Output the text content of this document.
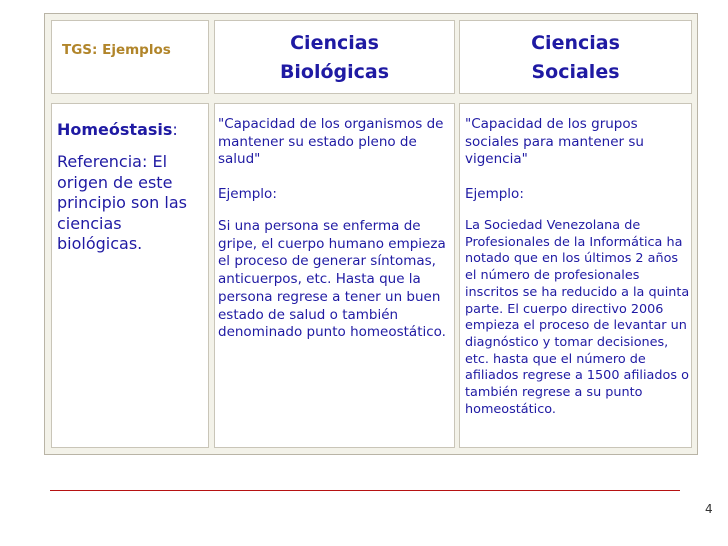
TGS: Ejemplos	Ciencias
Biológicas
Ciencias
Sociales
Homeóstasis:
Referencia: El origen de este principio son las ciencias biológicas.
"Capacidad de los organismos de mantener su estado pleno de salud"
Ejemplo:
Si una persona se enferma de gripe, el cuerpo humano empieza el proceso de generar síntomas, anticuerpos, etc. Hasta que la persona regrese a tener un buen estado de salud o también denominado punto homeostático.
"Capacidad de los grupos sociales para mantener su vigencia"
Ejemplo:
La Sociedad Venezolana de Profesionales de la Informática ha notado que en los últimos 2 años el número de profesionales inscritos se ha reducido a la quinta parte. El cuerpo directivo 2006 empieza el proceso de levantar un diagnóstico y tomar decisiones, etc. hasta que el número de afiliados regrese a 1500 afiliados o también regrese a su punto homeostático.
4
